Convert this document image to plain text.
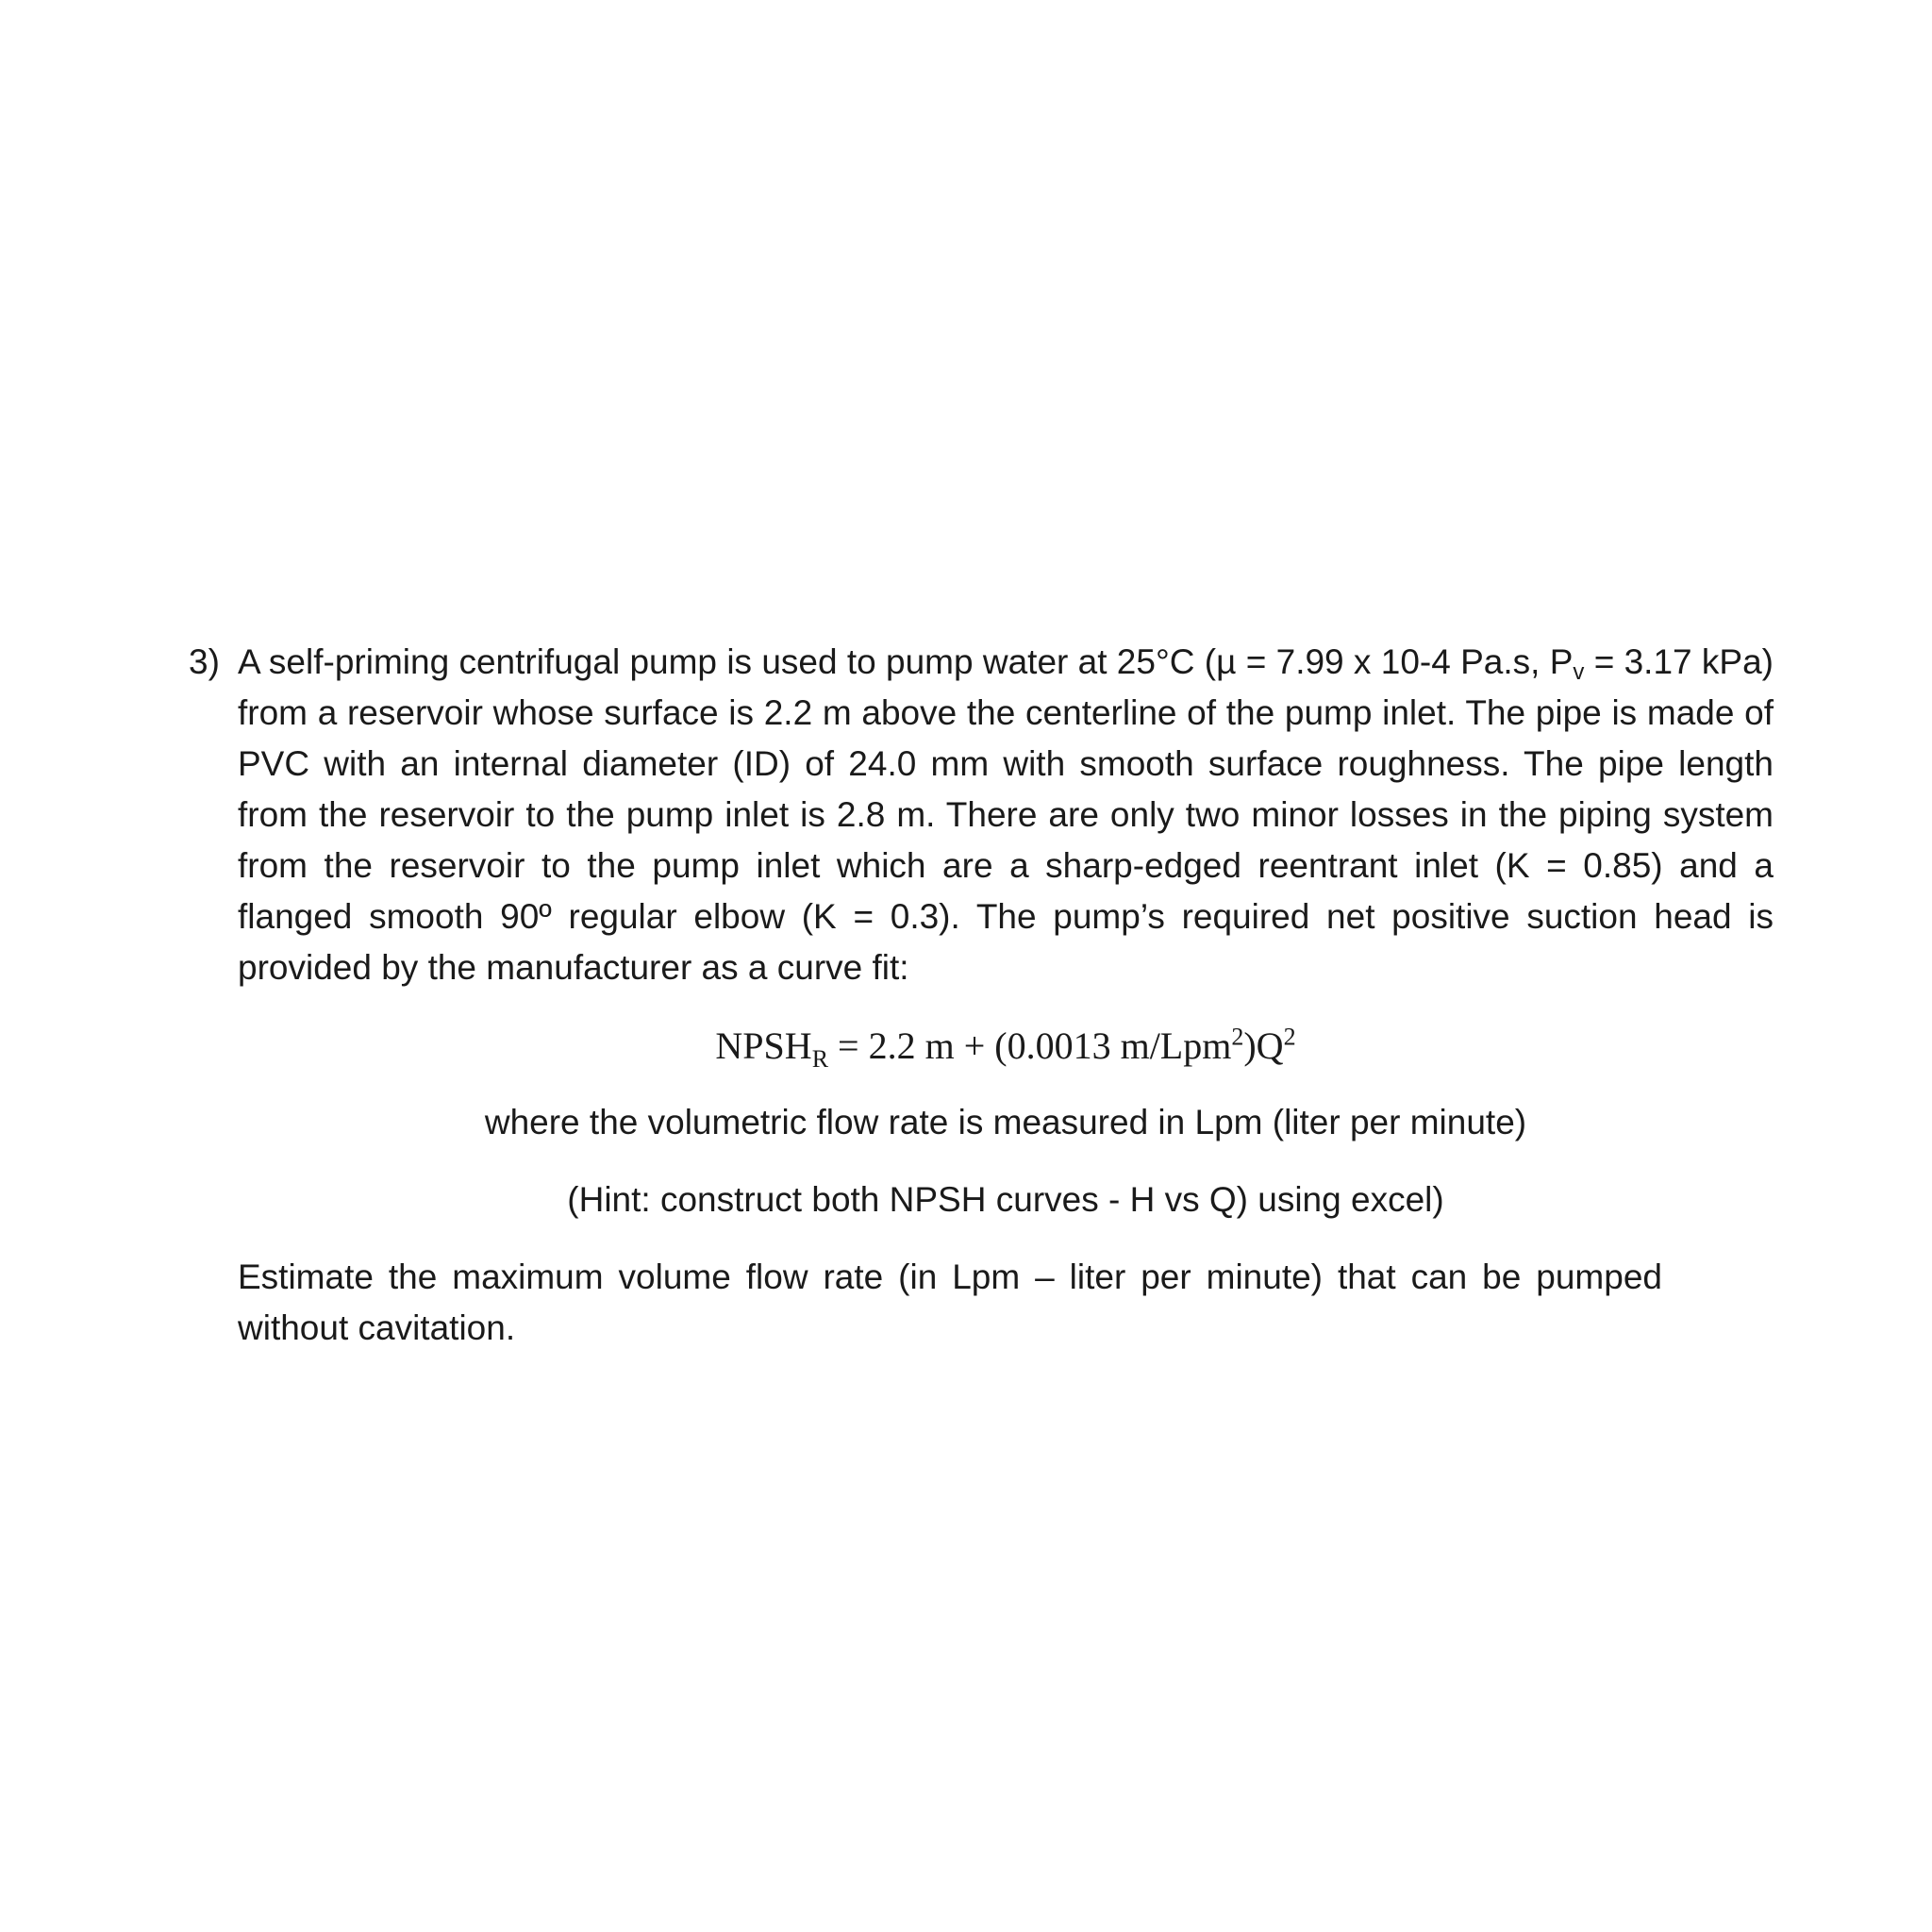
3) A self-priming centrifugal pump is used to pump water at 25°C (µ = 7.99 x 10-4 Pa.s, Pv = 3.17 kPa) from a reservoir whose surface is 2.2 m above the centerline of the pump inlet. The pipe is made of PVC with an internal diameter (ID) of 24.0 mm with smooth surface roughness. The pipe length from the reservoir to the pump inlet is 2.8 m. There are only two minor losses in the piping system from the reservoir to the pump inlet which are a sharp-edged reentrant inlet (K = 0.85) and a flanged smooth 90º regular elbow (K = 0.3). The pump’s required net positive suction head is provided by the manufacturer as a curve fit:

$NPSH_R = 2.2$ m + (0.0013 $m/Lpm^2)Q^2$
where the volumetric flow rate is measured in Lpm (liter per minute)
(Hint: construct both NPSH curves - H vs Q) using excel)

Estimate the maximum volume flow rate (in Lpm – liter per minute) that can be pumped without cavitation.
